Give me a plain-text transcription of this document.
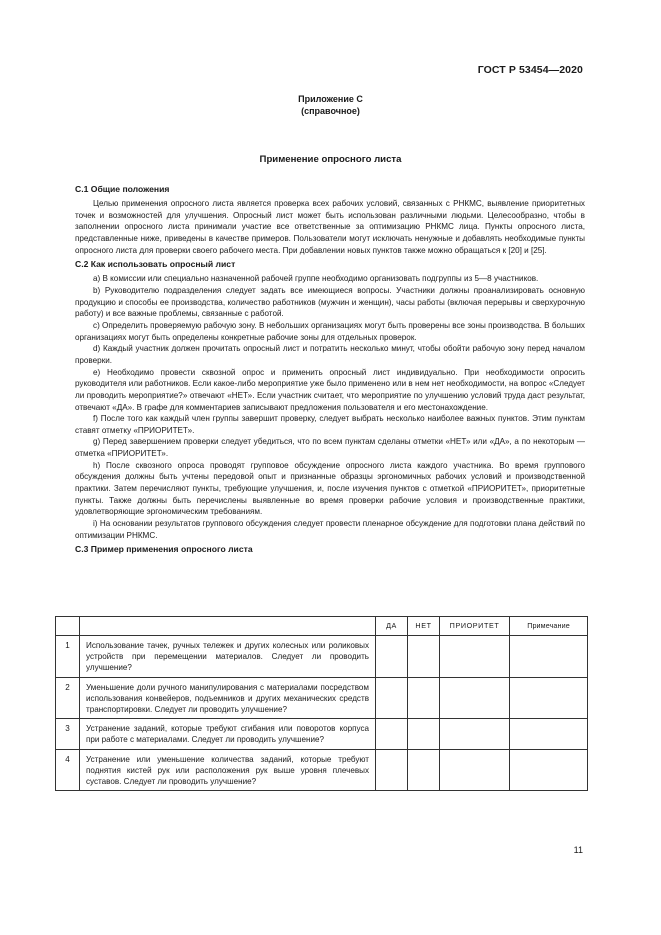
ГОСТ Р 53454—2020
Приложение С
(справочное)
Применение опросного листа
С.1 Общие положения

Целью применения опросного листа является проверка всех рабочих условий, связанных с РНКМС, выявление приоритетных точек и возможностей для улучшения. Опросный лист может быть использован различными людьми. Целесообразно, чтобы в заполнении опросного листа принимали участие все ответственные за оптимизацию РНКМС лица. Пункты опросного листа, представленные ниже, приведены в качестве примеров. Пользователи могут исключать ненужные и добавлять необходимые пункты опросного листа для проверки своего рабочего места. При добавлении новых пунктов также можно обращаться к [20] и [25].

С.2 Как использовать опросный лист

a) В комиссии или специально назначенной рабочей группе необходимо организовать подгруппы из 5—8 участников.

b) Руководителю подразделения следует задать все имеющиеся вопросы. Участники должны проанализировать основную продукцию и способы ее производства, количество работников (мужчин и женщин), часы работы (включая перерывы и сверхурочную работу) и все важные проблемы, связанные с работой.

c) Определить проверяемую рабочую зону. В небольших организациях могут быть проверены все зоны производства. В больших организациях могут быть определены конкретные рабочие зоны для отдельных проверок.

d) Каждый участник должен прочитать опросный лист и потратить несколько минут, чтобы обойти рабочую зону перед началом проверки.

e) Необходимо провести сквозной опрос и применить опросный лист индивидуально. При необходимости опросить руководителя или работников. Если какое-либо мероприятие уже было применено или в нем нет необходимости, на вопрос «Следует ли проводить мероприятие?» отвечают «НЕТ». Если участник считает, что мероприятие по улучшению условий труда даст результат, отвечают «ДА». В графе для комментариев записывают предложения пользователя и его местонахождение.

f) После того как каждый член группы завершит проверку, следует выбрать несколько наиболее важных пунктов. Этим пунктам ставят отметку «ПРИОРИТЕТ».

g) Перед завершением проверки следует убедиться, что по всем пунктам сделаны отметки «НЕТ» или «ДА», а по некоторым — отметка «ПРИОРИТЕТ».

h) После сквозного опроса проводят групповое обсуждение опросного листа каждого участника. Во время группового обсуждения должны быть учтены передовой опыт и признанные образцы эргономичных рабочих условий и производственной практики. Затем перечисляют пункты, требующие улучшения, и, после изучения пунктов с отметкой «ПРИОРИТЕТ», приоритетные пункты. Также должны быть перечислены выявленные во время проверки рабочие условия и производственные практики, удовлетворяющие эргономическим требованиям.

i) На основании результатов группового обсуждения следует провести пленарное обсуждение для подготовки плана действий по оптимизации РНКМС.

С.3 Пример применения опросного листа
		ДА	НЕТ	ПРИОРИТЕТ	Примечание
1	Использование тачек, ручных тележек и других колесных или роликовых устройств при перемещении материалов. Следует ли проводить улучшение?				
2	Уменьшение доли ручного манипулирования с материалами посредством использования конвейеров, подъемников и других механических средств транспортировки. Следует ли проводить улучшение?				
3	Устранение заданий, которые требуют сгибания или поворотов корпуса при работе с материалами. Следует ли проводить улучшение?				
4	Устранение или уменьшение количества заданий, которые требуют поднятия кистей рук или расположения рук выше уровня плечевых суставов. Следует ли проводить улучшение?				
11
